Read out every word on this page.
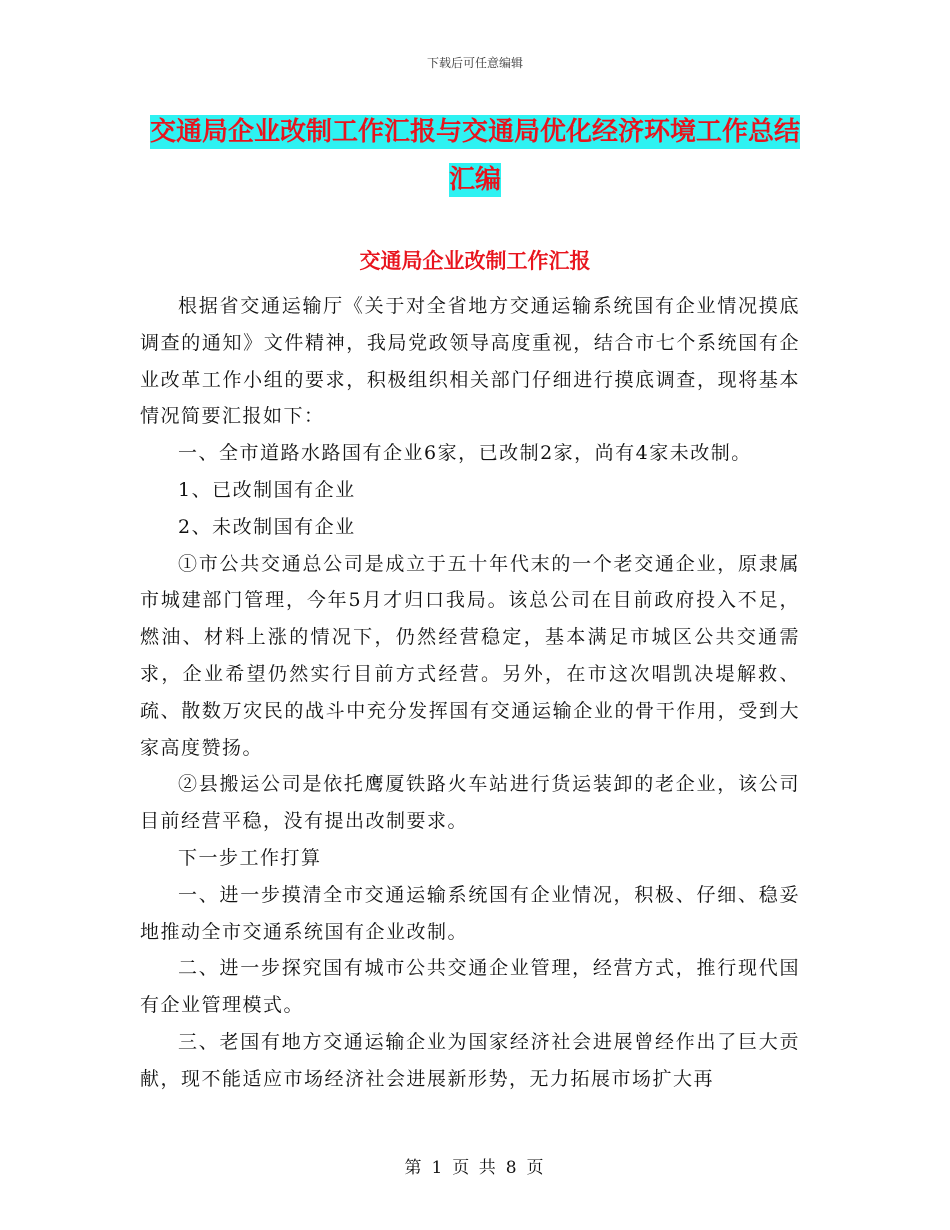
下载后可任意编辑
交通局企业改制工作汇报与交通局优化经济环境工作总结汇编
交通局企业改制工作汇报

根据省交通运输厅《关于对全省地方交通运输系统国有企业情况摸底调查的通知》文件精神，我局党政领导高度重视，结合市七个系统国有企业改革工作小组的要求，积极组织相关部门仔细进行摸底调查，现将基本情况简要汇报如下：

一、全市道路水路国有企业6家，已改制2家，尚有4家未改制。

1、已改制国有企业

2、未改制国有企业

①市公共交通总公司是成立于五十年代末的一个老交通企业，原隶属市城建部门管理，今年5月才归口我局。该总公司在目前政府投入不足，燃油、材料上涨的情况下，仍然经营稳定，基本满足市城区公共交通需求，企业希望仍然实行目前方式经营。另外，在市这次唱凯决堤解救、疏、散数万灾民的战斗中充分发挥国有交通运输企业的骨干作用，受到大家高度赞扬。

②县搬运公司是依托鹰厦铁路火车站进行货运装卸的老企业，该公司目前经营平稳，没有提出改制要求。

下一步工作打算

一、进一步摸清全市交通运输系统国有企业情况，积极、仔细、稳妥地推动全市交通系统国有企业改制。

二、进一步探究国有城市公共交通企业管理，经营方式，推行现代国有企业管理模式。

三、老国有地方交通运输企业为国家经济社会进展曾经作出了巨大贡献，现不能适应市场经济社会进展新形势，无力拓展市场扩大再

第 1 页 共 8 页
